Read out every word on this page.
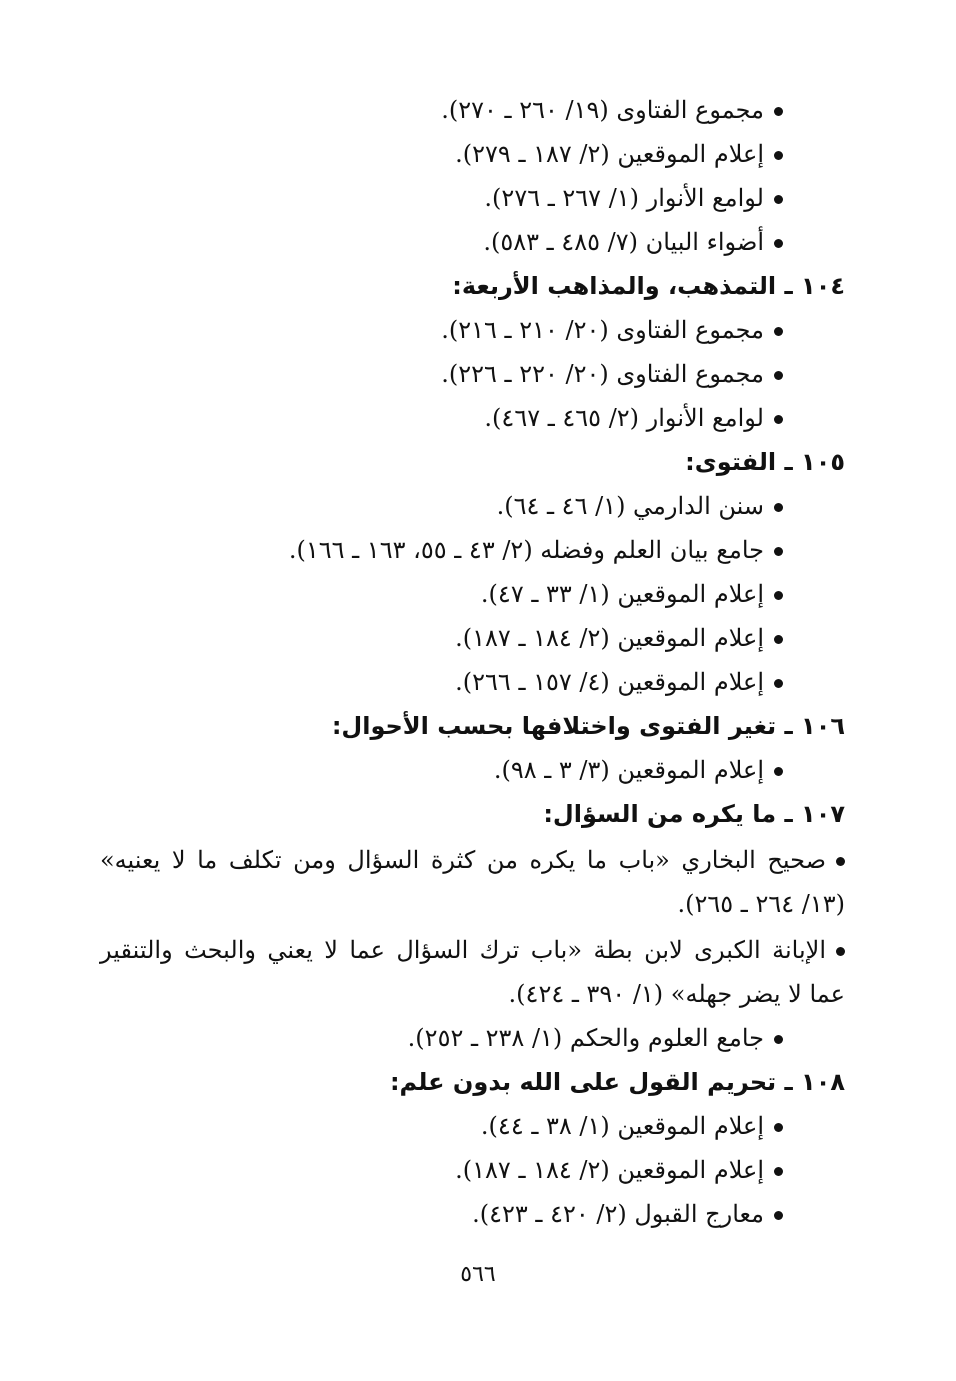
مجموع الفتاوى (١٩/ ٢٦٠ ـ ٢٧٠).
إعلام الموقعين (٢/ ١٨٧ ـ ٢٧٩).
لوامع الأنوار (١/ ٢٦٧ ـ ٢٧٦).
أضواء البيان (٧/ ٤٨٥ ـ ٥٨٣).
١٠٤ ـ التمذهب، والمذاهب الأربعة:
مجموع الفتاوى (٢٠/ ٢١٠ ـ ٢١٦).
مجموع الفتاوى (٢٠/ ٢٢٠ ـ ٢٢٦).
لوامع الأنوار (٢/ ٤٦٥ ـ ٤٦٧).
١٠٥ ـ الفتوى:
سنن الدارمي (١/ ٤٦ ـ ٦٤).
جامع بيان العلم وفضله (٢/ ٤٣ ـ ٥٥، ١٦٣ ـ ١٦٦).
إعلام الموقعين (١/ ٣٣ ـ ٤٧).
إعلام الموقعين (٢/ ١٨٤ ـ ١٨٧).
إعلام الموقعين (٤/ ١٥٧ ـ ٢٦٦).
١٠٦ ـ تغير الفتوى واختلافها بحسب الأحوال:
إعلام الموقعين (٣/ ٣ ـ ٩٨).
١٠٧ ـ ما يكره من السؤال:
صحيح البخاري «باب ما يكره من كثرة السؤال ومن تكلف ما لا يعنيه» (١٣/ ٢٦٤ ـ ٢٦٥).
الإبانة الكبرى لابن بطة «باب ترك السؤال عما لا يعني والبحث والتنقير عما لا يضر جهله» (١/ ٣٩٠ ـ ٤٢٤).
جامع العلوم والحكم (١/ ٢٣٨ ـ ٢٥٢).
١٠٨ ـ تحريم القول على الله بدون علم:
إعلام الموقعين (١/ ٣٨ ـ ٤٤).
إعلام الموقعين (٢/ ١٨٤ ـ ١٨٧).
معارج القبول (٢/ ٤٢٠ ـ ٤٢٣).
٥٦٦
